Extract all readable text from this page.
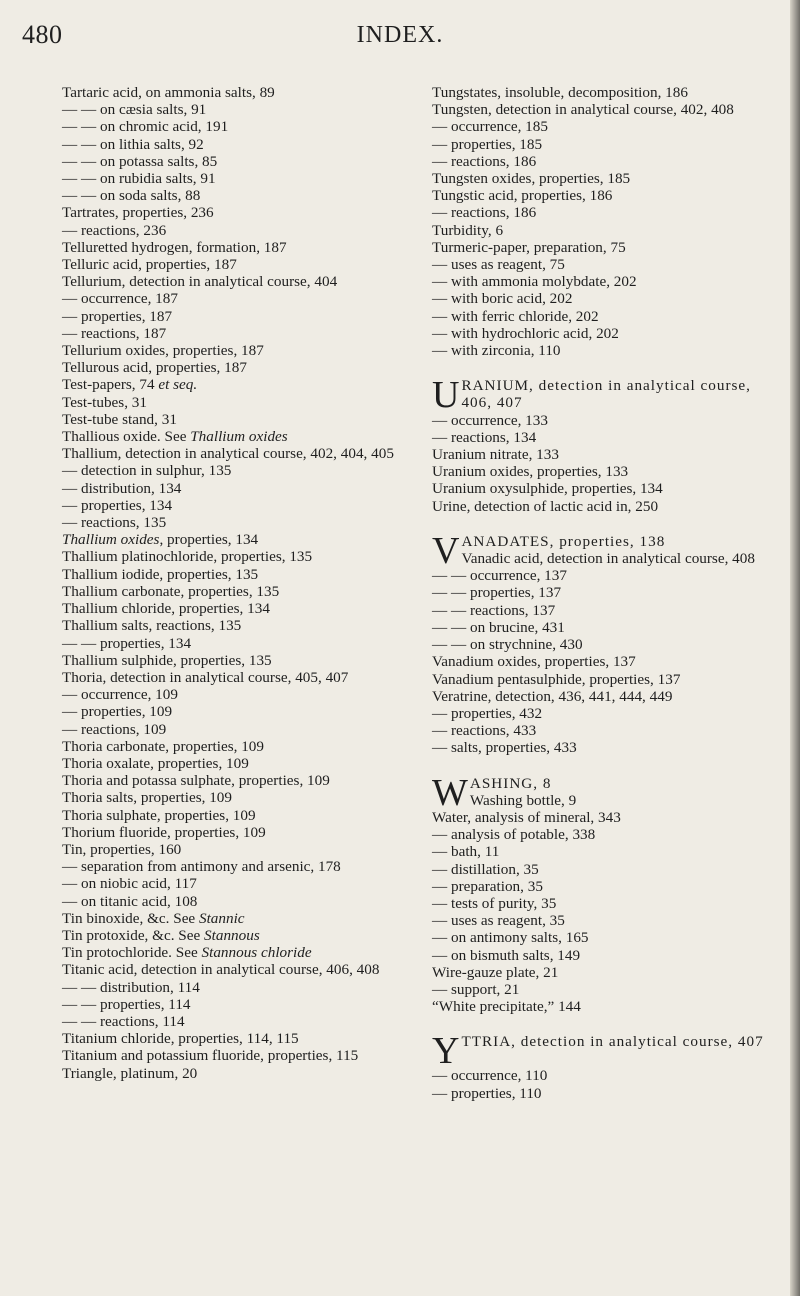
480	INDEX.
Tartaric acid, on ammonia salts, 89
— — on cæsia salts, 91
— — on chromic acid, 191
— — on lithia salts, 92
— — on potassa salts, 85
— — on rubidia salts, 91
— — on soda salts, 88
Tartrates, properties, 236
— reactions, 236
Telluretted hydrogen, formation, 187
Telluric acid, properties, 187
Tellurium, detection in analytical course, 404
— occurrence, 187
— properties, 187
— reactions, 187
Tellurium oxides, properties, 187
Tellurous acid, properties, 187
Test-papers, 74 et seq.
Test-tubes, 31
Test-tube stand, 31
Thallious oxide. See Thallium oxides
Thallium, detection in analytical course, 402, 404, 405
— detection in sulphur, 135
— distribution, 134
— properties, 134
— reactions, 135
Thallium oxides, properties, 134
Thallium platinochloride, properties, 135
Thallium iodide, properties, 135
Thallium carbonate, properties, 135
Thallium chloride, properties, 134
Thallium salts, reactions, 135
— — properties, 134
Thallium sulphide, properties, 135
Thoria, detection in analytical course, 405, 407
— occurrence, 109
— properties, 109
— reactions, 109
Thoria carbonate, properties, 109
Thoria oxalate, properties, 109
Thoria and potassa sulphate, properties, 109
Thoria salts, properties, 109
Thoria sulphate, properties, 109
Thorium fluoride, properties, 109
Tin, properties, 160
— separation from antimony and arsenic, 178
— on niobic acid, 117
— on titanic acid, 108
Tin binoxide, &c. See Stannic
Tin protoxide, &c. See Stannous
Tin protochloride. See Stannous chloride
Titanic acid, detection in analytical course, 406, 408
— — distribution, 114
— — properties, 114
— — reactions, 114
Titanium chloride, properties, 114, 115
Titanium and potassium fluoride, properties, 115
Triangle, platinum, 20
Tungstates, insoluble, decomposition, 186
Tungsten, detection in analytical course, 402, 408
— occurrence, 185
— properties, 185
— reactions, 186
Tungsten oxides, properties, 185
Tungstic acid, properties, 186
— reactions, 186
Turbidity, 6
Turmeric-paper, preparation, 75
— uses as reagent, 75
— with ammonia molybdate, 202
— with boric acid, 202
— with ferric chloride, 202
— with hydrochloric acid, 202
— with zirconia, 110
U RANIUM, detection in analytical course, 406, 407
— occurrence, 133
— reactions, 134
Uranium nitrate, 133
Uranium oxides, properties, 133
Uranium oxysulphide, properties, 134
Urine, detection of lactic acid in, 250
V ANADATES, properties, 138
Vanadic acid, detection in analytical course, 408
— — occurrence, 137
— — properties, 137
— — reactions, 137
— — on brucine, 431
— — on strychnine, 430
Vanadium oxides, properties, 137
Vanadium pentasulphide, properties, 137
Veratrine, detection, 436, 441, 444, 449
— properties, 432
— reactions, 433
— salts, properties, 433
W ASHING, 8
Washing bottle, 9
Water, analysis of mineral, 343
— analysis of potable, 338
— bath, 11
— distillation, 35
— preparation, 35
— tests of purity, 35
— uses as reagent, 35
— on antimony salts, 165
— on bismuth salts, 149
Wire-gauze plate, 21
— support, 21
“White precipitate,” 144
Y TTRIA, detection in analytical course, 407
— occurrence, 110
— properties, 110
